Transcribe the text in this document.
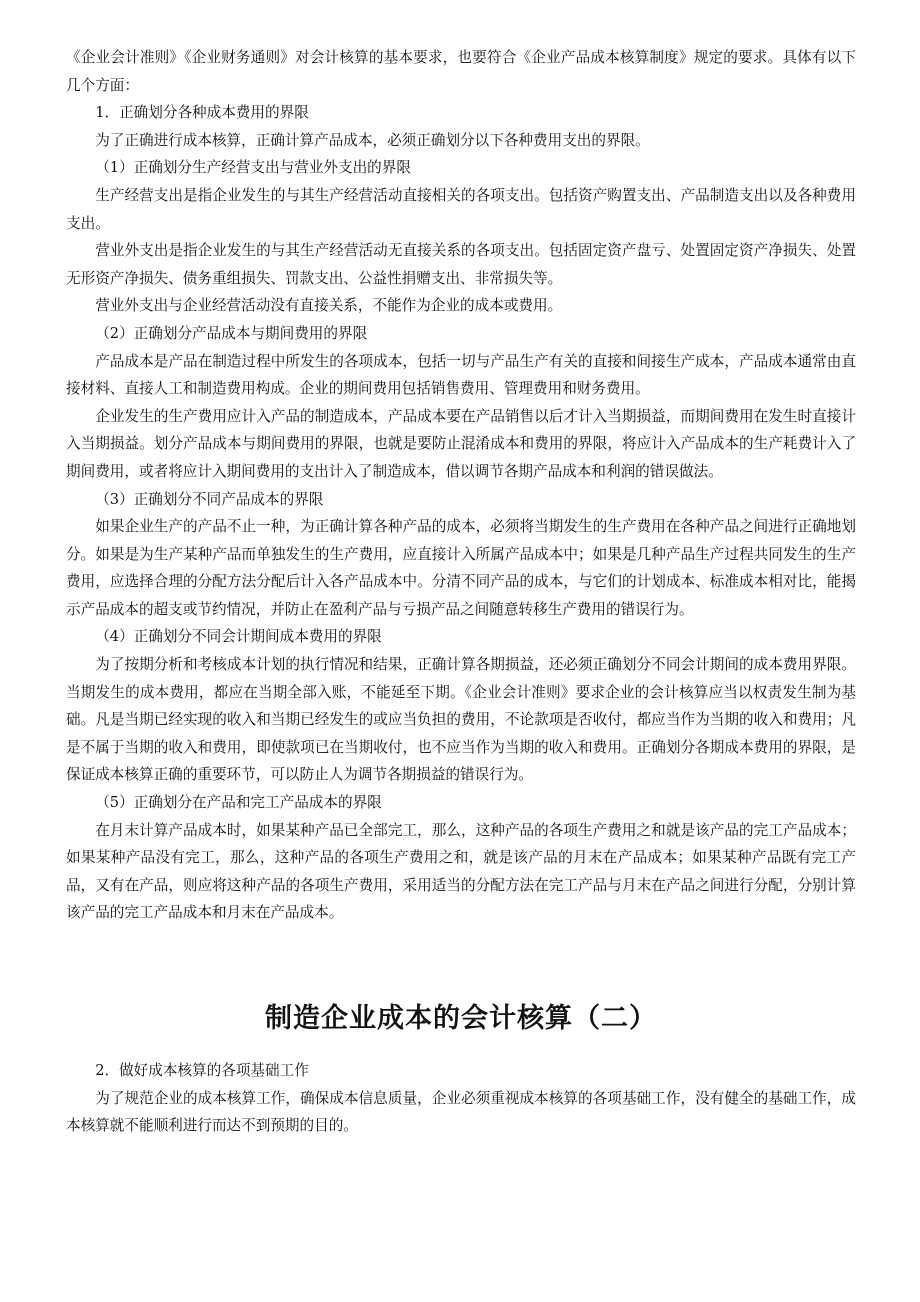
《企业会计准则》《企业财务通则》对会计核算的基本要求，也要符合《企业产品成本核算制度》规定的要求。具体有以下几个方面：

1．正确划分各种成本费用的界限

为了正确进行成本核算，正确计算产品成本，必须正确划分以下各种费用支出的界限。

（1）正确划分生产经营支出与营业外支出的界限

生产经营支出是指企业发生的与其生产经营活动直接相关的各项支出。包括资产购置支出、产品制造支出以及各种费用支出。

营业外支出是指企业发生的与其生产经营活动无直接关系的各项支出。包括固定资产盘亏、处置固定资产净损失、处置无形资产净损失、债务重组损失、罚款支出、公益性捐赠支出、非常损失等。

营业外支出与企业经营活动没有直接关系，不能作为企业的成本或费用。

（2）正确划分产品成本与期间费用的界限

产品成本是产品在制造过程中所发生的各项成本，包括一切与产品生产有关的直接和间接生产成本，产品成本通常由直接材料、直接人工和制造费用构成。企业的期间费用包括销售费用、管理费用和财务费用。

企业发生的生产费用应计入产品的制造成本，产品成本要在产品销售以后才计入当期损益，而期间费用在发生时直接计入当期损益。划分产品成本与期间费用的界限，也就是要防止混淆成本和费用的界限，将应计入产品成本的生产耗费计入了期间费用，或者将应计入期间费用的支出计入了制造成本，借以调节各期产品成本和利润的错误做法。

（3）正确划分不同产品成本的界限

如果企业生产的产品不止一种，为正确计算各种产品的成本，必须将当期发生的生产费用在各种产品之间进行正确地划分。如果是为生产某种产品而单独发生的生产费用，应直接计入所属产品成本中；如果是几种产品生产过程共同发生的生产费用，应选择合理的分配方法分配后计入各产品成本中。分清不同产品的成本，与它们的计划成本、标准成本相对比，能揭示产品成本的超支或节约情况，并防止在盈利产品与亏损产品之间随意转移生产费用的错误行为。

（4）正确划分不同会计期间成本费用的界限

为了按期分析和考核成本计划的执行情况和结果，正确计算各期损益，还必须正确划分不同会计期间的成本费用界限。当期发生的成本费用，都应在当期全部入账，不能延至下期。《企业会计准则》要求企业的会计核算应当以权责发生制为基础。凡是当期已经实现的收入和当期已经发生的或应当负担的费用，不论款项是否收付，都应当作为当期的收入和费用；凡是不属于当期的收入和费用，即使款项已在当期收付，也不应当作为当期的收入和费用。正确划分各期成本费用的界限，是保证成本核算正确的重要环节，可以防止人为调节各期损益的错误行为。

（5）正确划分在产品和完工产品成本的界限

在月末计算产品成本时，如果某种产品已全部完工，那么，这种产品的各项生产费用之和就是该产品的完工产品成本；如果某种产品没有完工，那么，这种产品的各项生产费用之和，就是该产品的月末在产品成本；如果某种产品既有完工产品，又有在产品，则应将这种产品的各项生产费用，采用适当的分配方法在完工产品与月末在产品之间进行分配，分别计算该产品的完工产品成本和月末在产品成本。

制造企业成本的会计核算（二）

2．做好成本核算的各项基础工作

为了规范企业的成本核算工作，确保成本信息质量，企业必须重视成本核算的各项基础工作，没有健全的基础工作，成本核算就不能顺利进行而达不到预期的目的。
